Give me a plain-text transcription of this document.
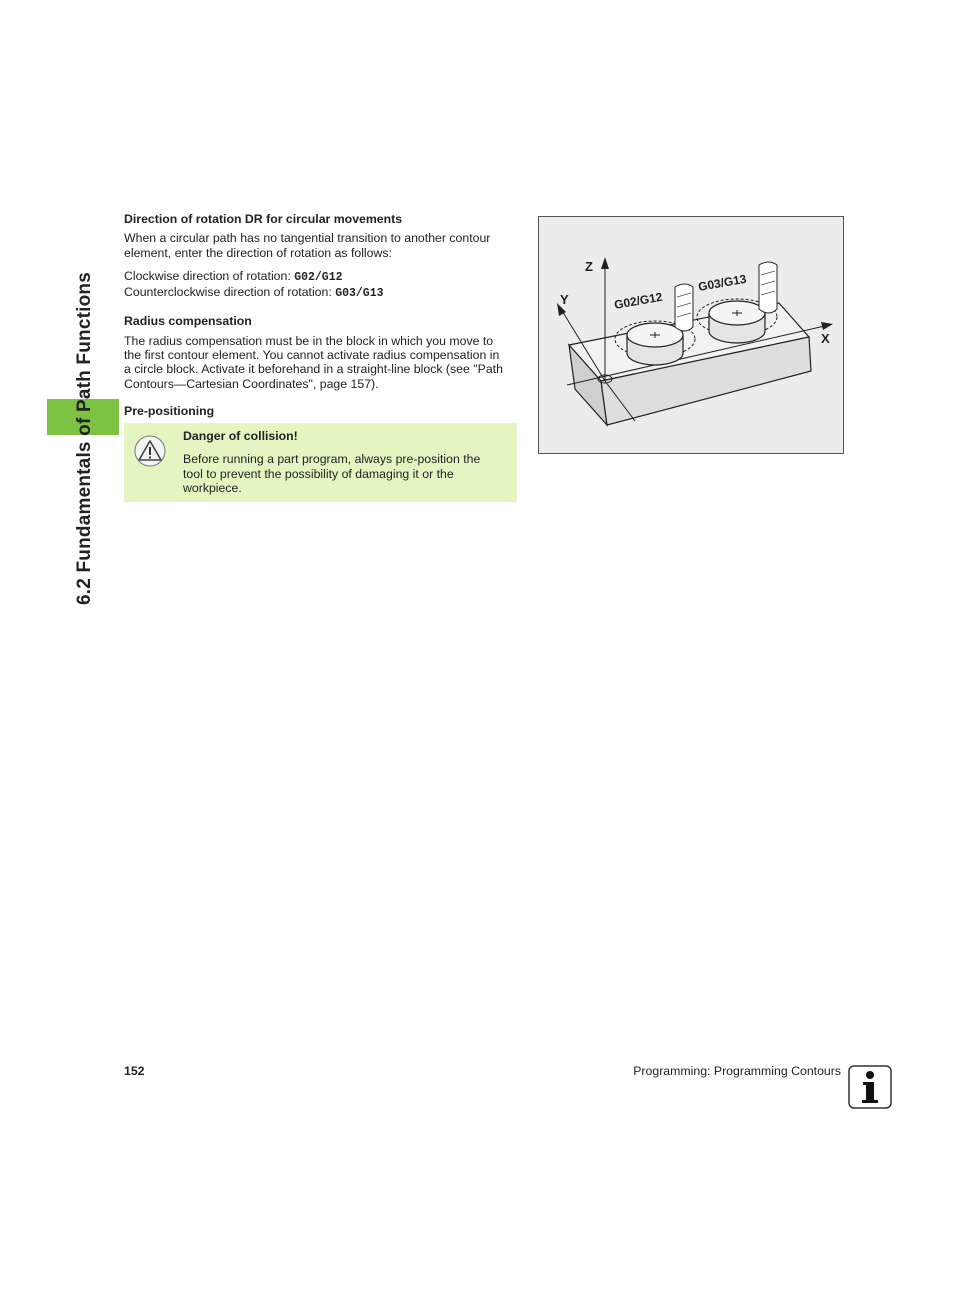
6.2 Fundamentals of Path Functions
Direction of rotation DR for circular movements

When a circular path has no tangential transition to another contour

element, enter the direction of rotation as follows:

Clockwise direction of rotation: G02/G12

Counterclockwise direction of rotation: G03/G13

Radius compensation

The radius compensation must be in the block in which you move to

the first contour element. You cannot activate radius compensation in

a circle block. Activate it beforehand in a straight-line block (see "Path

Contours—Cartesian Coordinates", page 157).

Pre-positioning
Danger of collision!
Before running a part program, always pre-position the
tool to prevent the possibility of damaging it or the
workpiece.
Z
Y
X
G02/G12
G03/G13
152	Programming: Programming Contours
